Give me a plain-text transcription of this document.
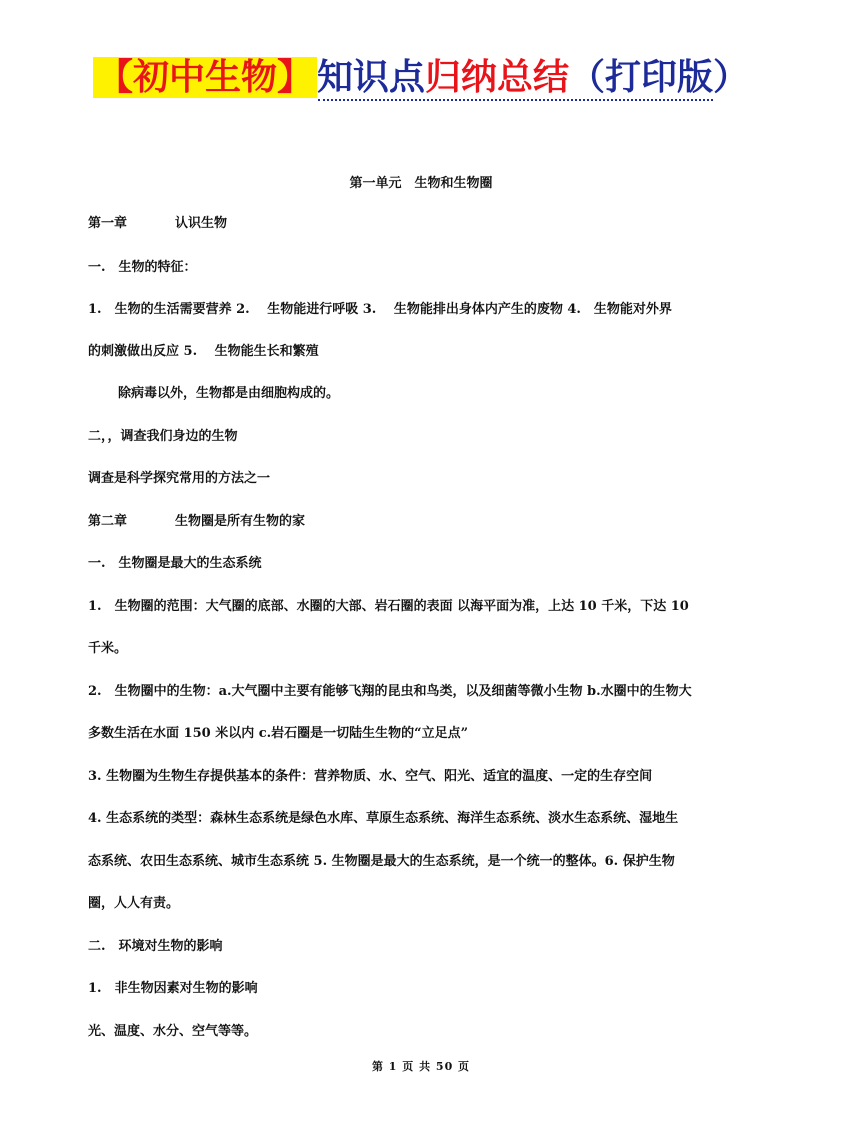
【初中生物】 知识点归纳总结（打印版）
第一单元　生物和生物圈
第一章	认识生物
一.　生物的特征：
1.　生物的生活需要营养 2.　 生物能进行呼吸 3.　 生物能排出身体内产生的废物 4.　生物能对外界
的刺激做出反应 5.　 生物能生长和繁殖
除病毒以外，生物都是由细胞构成的。
二，，调查我们身边的生物
调查是科学探究常用的方法之一
第二章	生物圈是所有生物的家
一.　生物圈是最大的生态系统
1.　生物圈的范围：大气圈的底部、水圈的大部、岩石圈的表面 以海平面为准，上达 10 千米，下达 10
千米。
2.　生物圈中的生物：a.大气圈中主要有能够飞翔的昆虫和鸟类，以及细菌等微小生物 b.水圈中的生物大
多数生活在水面 150 米以内 c.岩石圈是一切陆生生物的“立足点”
3. 生物圈为生物生存提供基本的条件：营养物质、水、空气、阳光、适宜的温度、一定的生存空间
4. 生态系统的类型：森林生态系统是绿色水库、草原生态系统、海洋生态系统、淡水生态系统、湿地生
态系统、农田生态系统、城市生态系统 5. 生物圈是最大的生态系统，是一个统一的整体。6. 保护生物
圈，人人有责。
二.　环境对生物的影响
1.　非生物因素对生物的影响
光、温度、水分、空气等等。
第 1 页 共 50 页
